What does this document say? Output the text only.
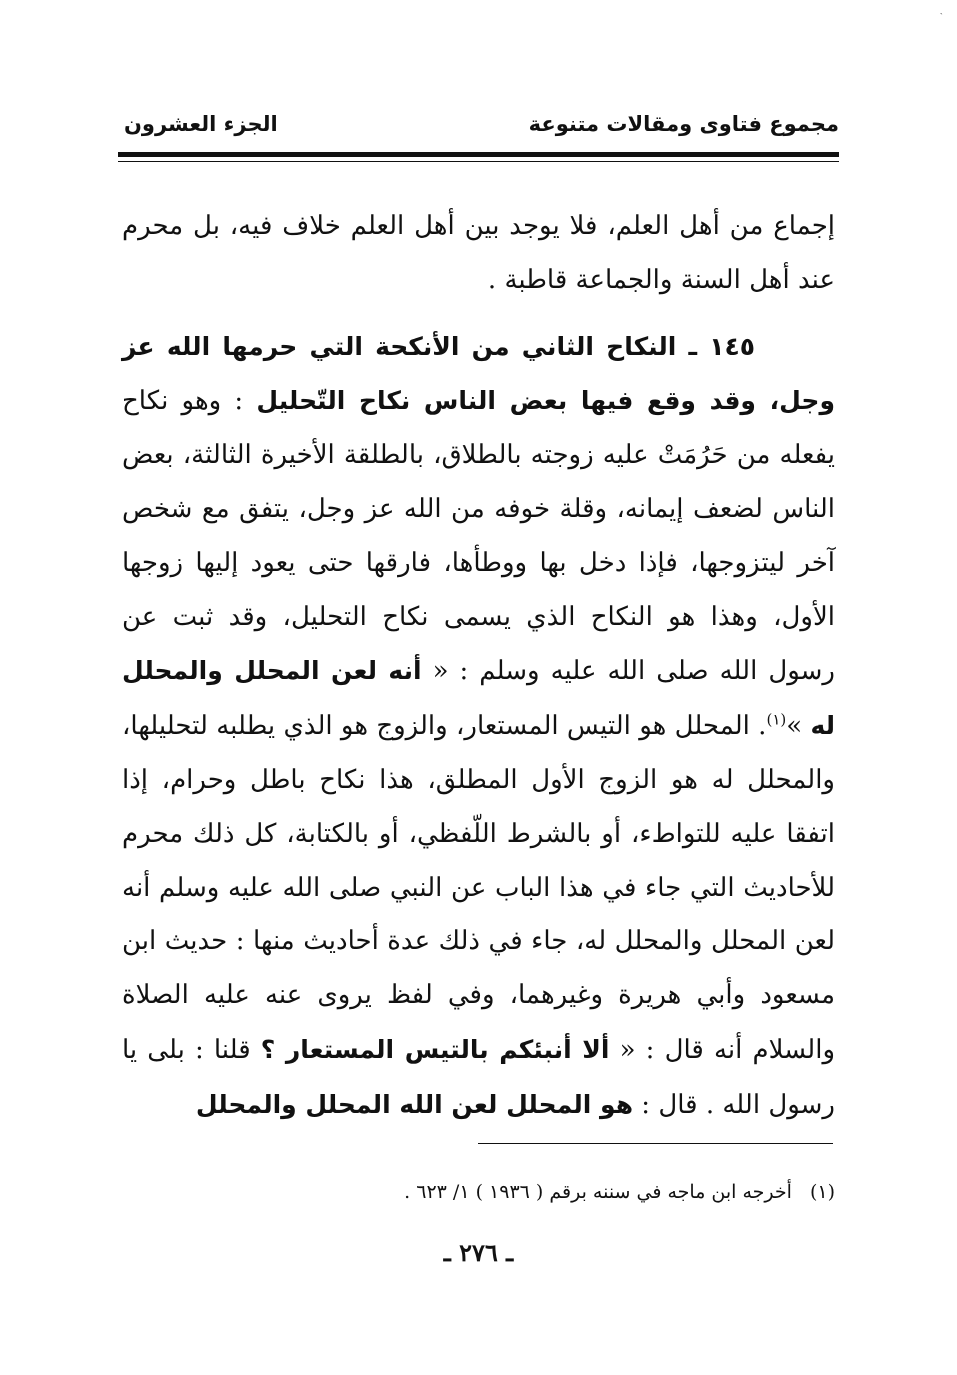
ˎ
مجموع فتاوى ومقالات متنوعة
الجزء العشرون

إجماع من أهل العلم، فلا يوجد بين أهل العلم خلاف فيه، بل محرم عند أهل السنة والجماعة قاطبة .

١٤٥ ـ النكاح الثاني من الأنكحة التي حرمها الله عز وجل، وقد وقع فيها بعض الناس نكاح التّحليل : وهو نكاح يفعله من حَرُمَتْ عليه زوجته بالطلاق، بالطلقة الأخيرة الثالثة، بعض الناس لضعف إيمانه، وقلة خوفه من الله عز وجل، يتفق مع شخص آخر ليتزوجها، فإذا دخل بها ووطأها، فارقها حتى يعود إليها زوجها الأول، وهذا هو النكاح الذي يسمى نكاح التحليل، وقد ثبت عن رسول الله صلى الله عليه وسلم : « أنه لعن المحلل والمحلل له »$^{(١)}$. المحلل هو التيس المستعار، والزوج هو الذي يطلبه لتحليلها، والمحلل له هو الزوج الأول المطلق، هذا نكاح باطل وحرام، إذا اتفقا عليه للتواطء، أو بالشرط اللّفظي، أو بالكتابة، كل ذلك محرم للأحاديث التي جاء في هذا الباب عن النبي صلى الله عليه وسلم أنه لعن المحلل والمحلل له، جاء في ذلك عدة أحاديث منها : حديث ابن مسعود وأبي هريرة وغيرهما، وفي لفظ يروى عنه عليه الصلاة والسلام أنه قال : « ألا أنبئكم بالتيس المستعار ؟ قلنا : بلى يا رسول الله . قال : هو المحلل لعن الله المحلل والمحلل

(١)أخرجه ابن ماجه في سننه برقم ( ١٩٣٦ ) ١/ ٦٢٣ .
ـ ٢٧٦ ـ
